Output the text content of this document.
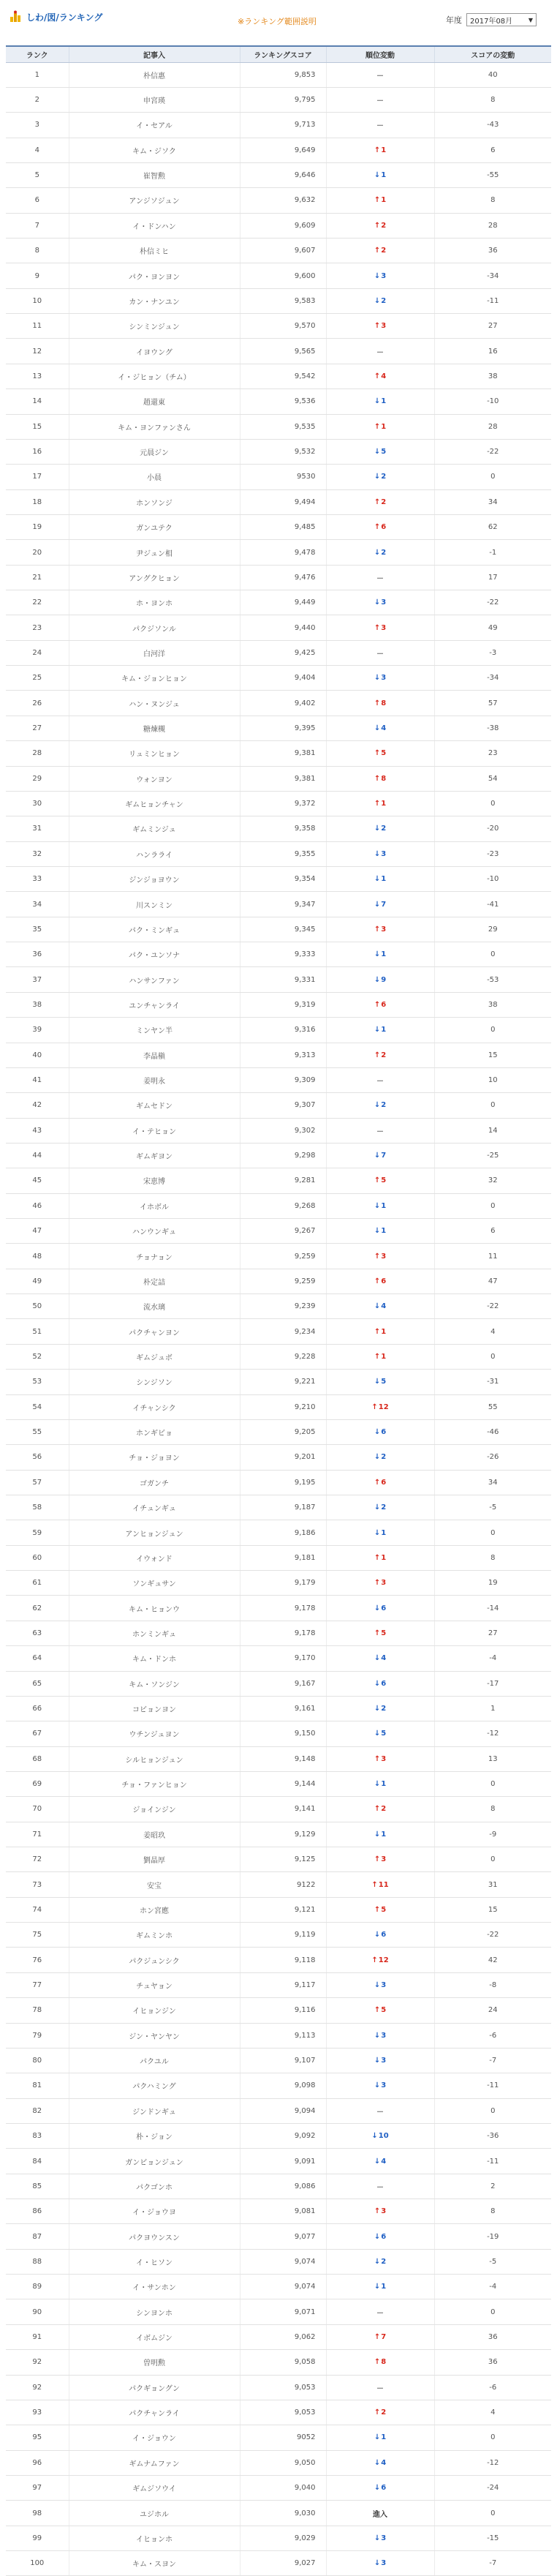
しわ/図/ランキング	※ランキング範囲説明	年度 2017年08月	▼
ランク	記事入	ランキングスコア	順位変動	スコアの変動
1	朴信惠	9,853	－	40
2	申宮瑛	9,795	－	8
3	イ・セアル	9,713	－	-43
4	キム・ジソク	9,649	↑1	6
5	崔智勲	9,646	↓1	-55
6	アンジソジュン	9,632	↑1	8
7	イ・ドンハン	9,609	↑2	28
8	朴信ミヒ	9,607	↑2	36
9	パク・ヨンヨン	9,600	↓3	-34
10	カン・ナンユン	9,583	↓2	-11
11	シンミンジュン	9,570	↑3	27
12	イヨウング	9,565	－	16
13	イ・ジヒョン（チム）	9,542	↑4	38
14	趙還東	9,536	↓1	-10
15	キム・ヨンファンさん	9,535	↑1	28
16	元晨ジン	9,532	↓5	-22
17	小晨	9530	↓2	0
18	ホンソンジ	9,494	↑2	34
19	ガンユテク	9,485	↑6	62
20	尹ジュン相	9,478	↓2	-1
21	アングクヒョン	9,476	－	17
22	ホ・ヨンホ	9,449	↓3	-22
23	パクジソンル	9,440	↑3	49
24	白河洋	9,425	－	-3
25	キム・ジョンヒョン	9,404	↓3	-34
26	ハン・ヌンジュ	9,402	↑8	57
27	糖煉槻	9,395	↓4	-38
28	リュミンヒョン	9,381	↑5	23
29	ウォンヨン	9,381	↑8	54
30	ギムヒョンチャン	9,372	↑1	0
31	ギムミンジュ	9,358	↓2	-20
32	ハンラライ	9,355	↓3	-23
33	ジンジョヨウン	9,354	↓1	-10
34	川スンミン	9,347	↓7	-41
35	パク・ミンギュ	9,345	↑3	29
36	パク・ユンソナ	9,333	↓1	0
37	ハンサンファン	9,331	↓9	-53
38	ユンチャンライ	9,319	↑6	38
39	ミンヤン半	9,316	↓1	0
40	李晶槇	9,313	↑2	15
41	姜明永	9,309	－	10
42	ギムセドン	9,307	↓2	0
43	イ・テヒョン	9,302	－	14
44	ギムギヨン	9,298	↓7	-25
45	宋恵博	9,281	↑5	32
46	イホボル	9,268	↓1	0
47	ハンウンギュ	9,267	↓1	6
48	チョナョン	9,259	↑3	11
49	朴定詰	9,259	↑6	47
50	流水璃	9,239	↓4	-22
51	パクチャンヨン	9,234	↑1	4
52	ギムジュボ	9,228	↑1	0
53	シンジソン	9,221	↓5	-31
54	イチャンシク	9,210	↑12	55
55	ホンギビョ	9,205	↓6	-46
56	チョ・ジョヨン	9,201	↓2	-26
57	ゴガンチ	9,195	↑6	34
58	イチュンギュ	9,187	↓2	-5
59	アンヒョンジュン	9,186	↓1	0
60	イウォンド	9,181	↑1	8
61	ソンギュサン	9,179	↑3	19
62	キム・ヒョンウ	9,178	↓6	-14
63	ホンミンギュ	9,178	↑5	27
64	キム・ドンホ	9,170	↓4	-4
65	キム・ソンジン	9,167	↓6	-17
66	コビョンヨン	9,161	↓2	1
67	ウチンジュヨン	9,150	↓5	-12
68	シルヒョンジュン	9,148	↑3	13
69	チョ・ファンヒョン	9,144	↓1	0
70	ジョインジン	9,141	↑2	8
71	姜昭玖	9,129	↓1	-9
72	劉晶厚	9,125	↑3	0
73	安宝	9122	↑11	31
74	ホン宮應	9,121	↑5	15
75	ギムミンホ	9,119	↓6	-22
76	パクジュンシク	9,118	↑12	42
77	チュヤョン	9,117	↓3	-8
78	イヒョンジン	9,116	↑5	24
79	ジン・ヤンヤン	9,113	↓3	-6
80	パクユル	9,107	↓3	-7
81	パクハミング	9,098	↓3	-11
82	ジンドンギュ	9,094	－	0
83	朴・ジョン	9,092	↓10	-36
84	ガンビョンジュン	9,091	↓4	-11
85	パクゴンホ	9,086	－	2
86	イ・ジョウヨ	9,081	↑3	8
87	パクヨウンスン	9,077	↓6	-19
88	イ・ヒソン	9,074	↓2	-5
89	イ・サンホン	9,074	↓1	-4
90	シンヨンホ	9,071	－	0
91	イボムジン	9,062	↑7	36
92	曽明勲	9,058	↑8	36
92	パクギョングン	9,053	－	-6
93	パクチャンライ	9,053	↑2	4
95	イ・ジョウン	9052	↓1	0
96	ギムナムファン	9,050	↓4	-12
97	ギムジソウイ	9,040	↓6	-24
98	ユジホル	9,030	進入	0
99	イヒョンホ	9,029	↓3	-15
100	キム・スヨン	9,027	↓3	-7
